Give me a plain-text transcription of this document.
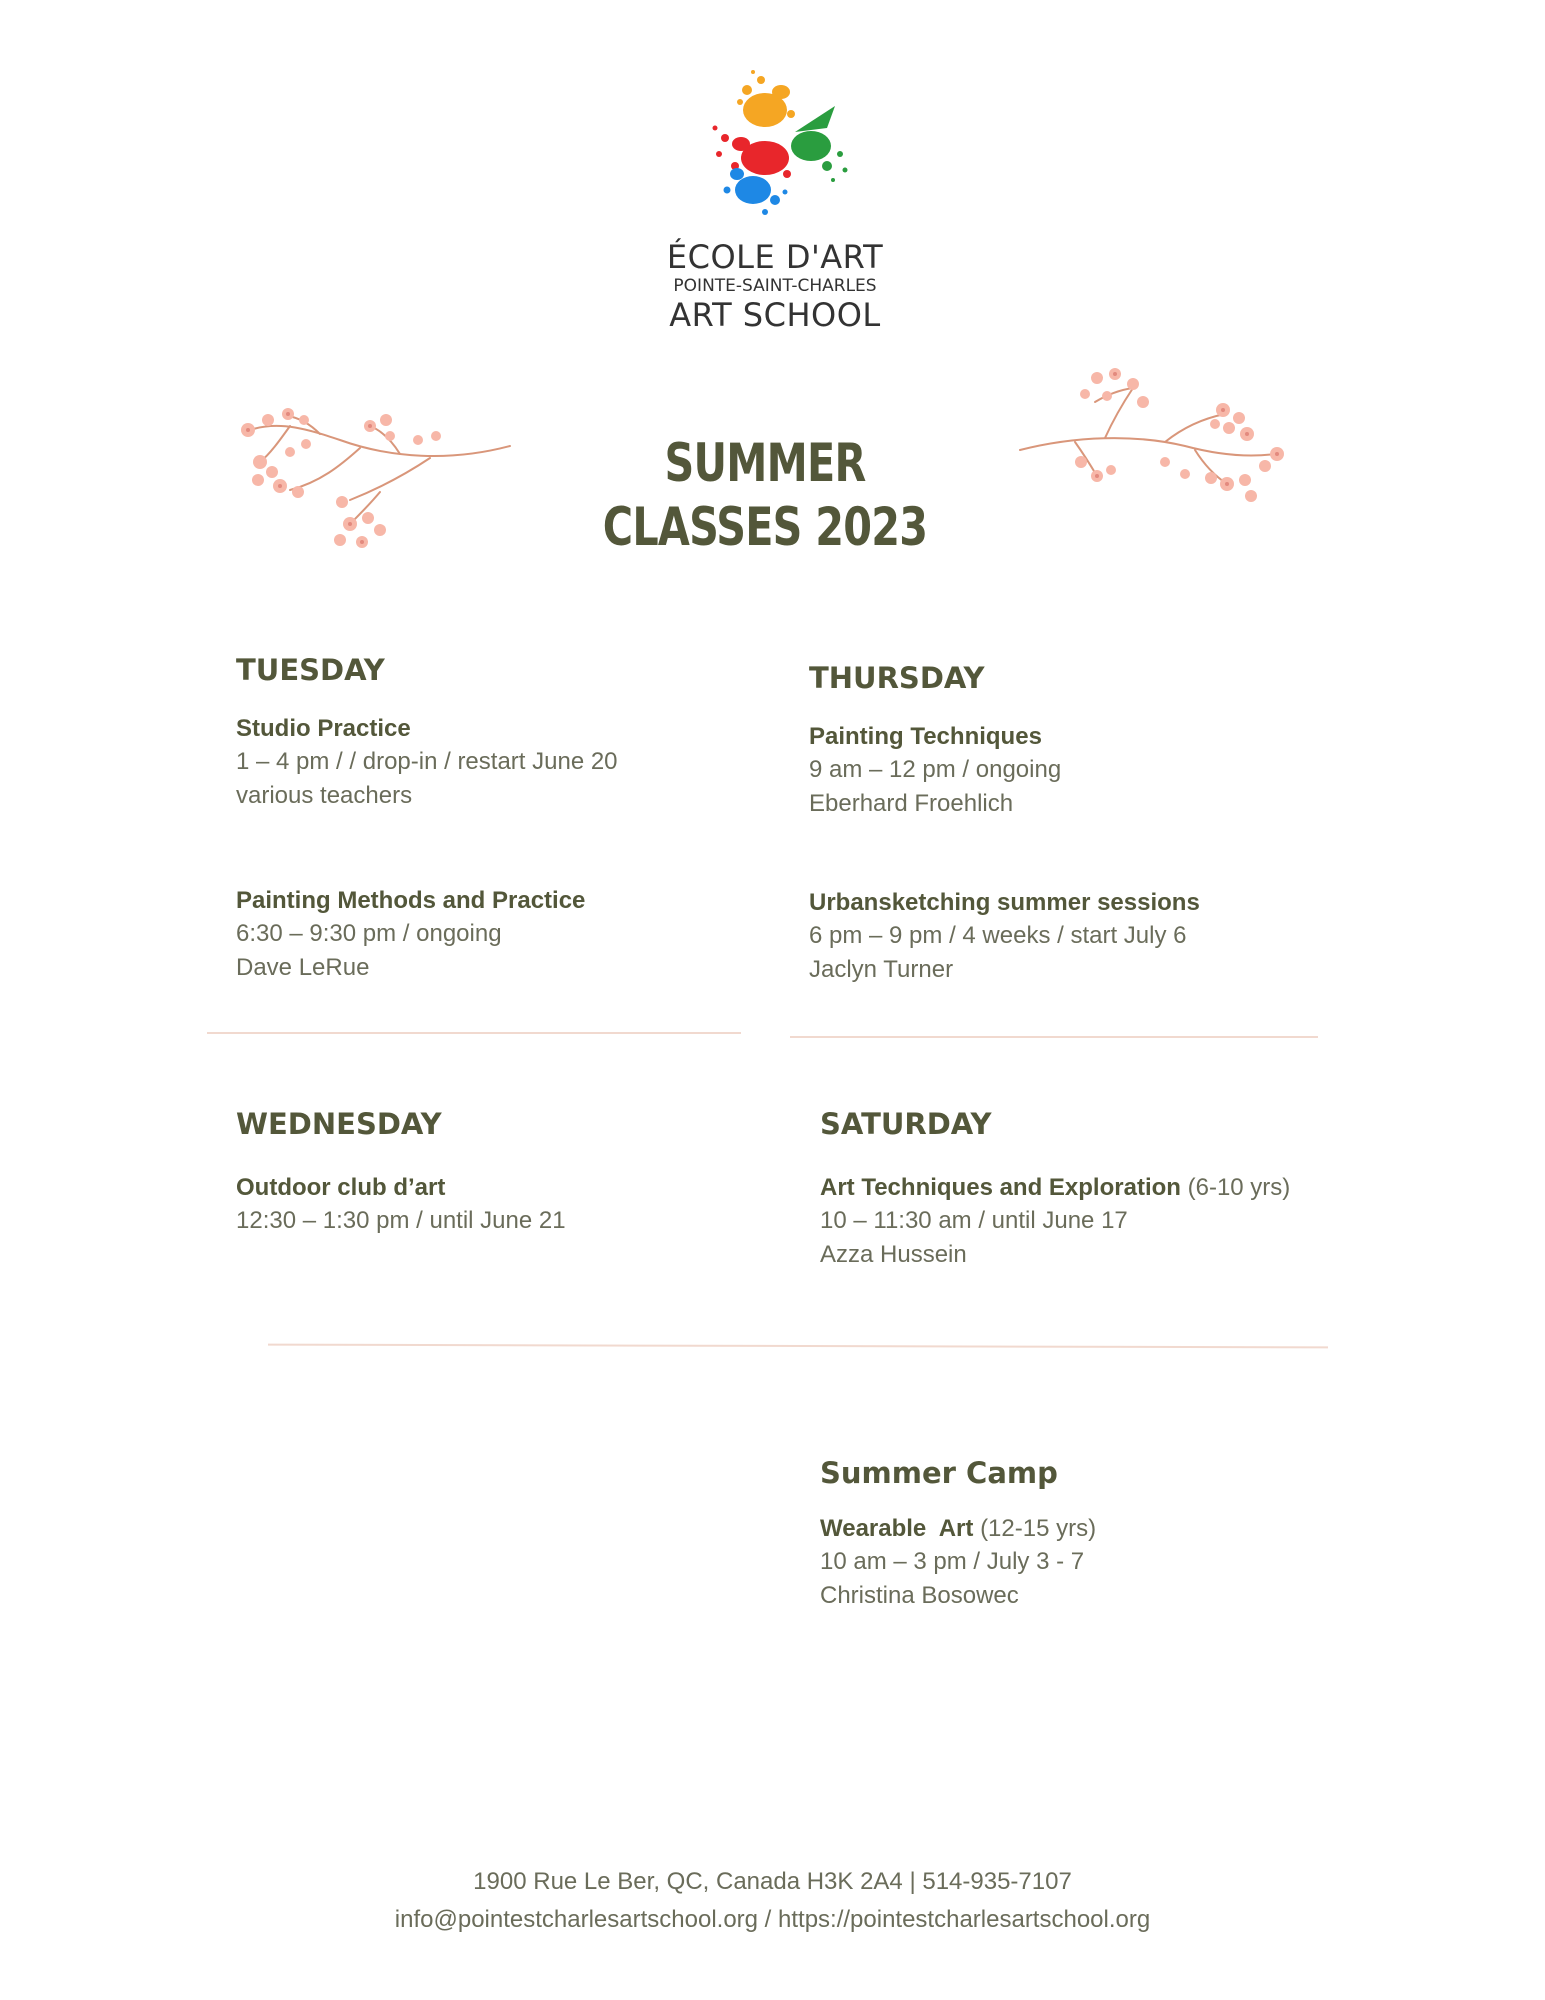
ÉCOLE D'ART
POINTE-SAINT-CHARLES
ART SCHOOL
SUMMER CLASSES 2023
TUESDAY
Studio Practice
1 – 4 pm / / drop-in / restart June 20
various teachers
Painting Methods and Practice
6:30 – 9:30 pm / ongoing
Dave LeRue
THURSDAY
Painting Techniques
9 am – 12 pm / ongoing
Eberhard Froehlich
Urbansketching summer sessions
6 pm – 9 pm / 4 weeks / start July 6
Jaclyn Turner
WEDNESDAY
Outdoor club d’art
12:30 – 1:30 pm / until June 21
SATURDAY
Art Techniques and Exploration (6-10 yrs)
10 – 11:30 am / until June 17
Azza Hussein
Summer Camp
Wearable  Art (12-15 yrs)
10 am – 3 pm / July 3 - 7
Christina Bosowec
1900 Rue Le Ber, QC, Canada H3K 2A4 | 514-935-7107
info@pointestcharlesartschool.org / https://pointestcharlesartschool.org
